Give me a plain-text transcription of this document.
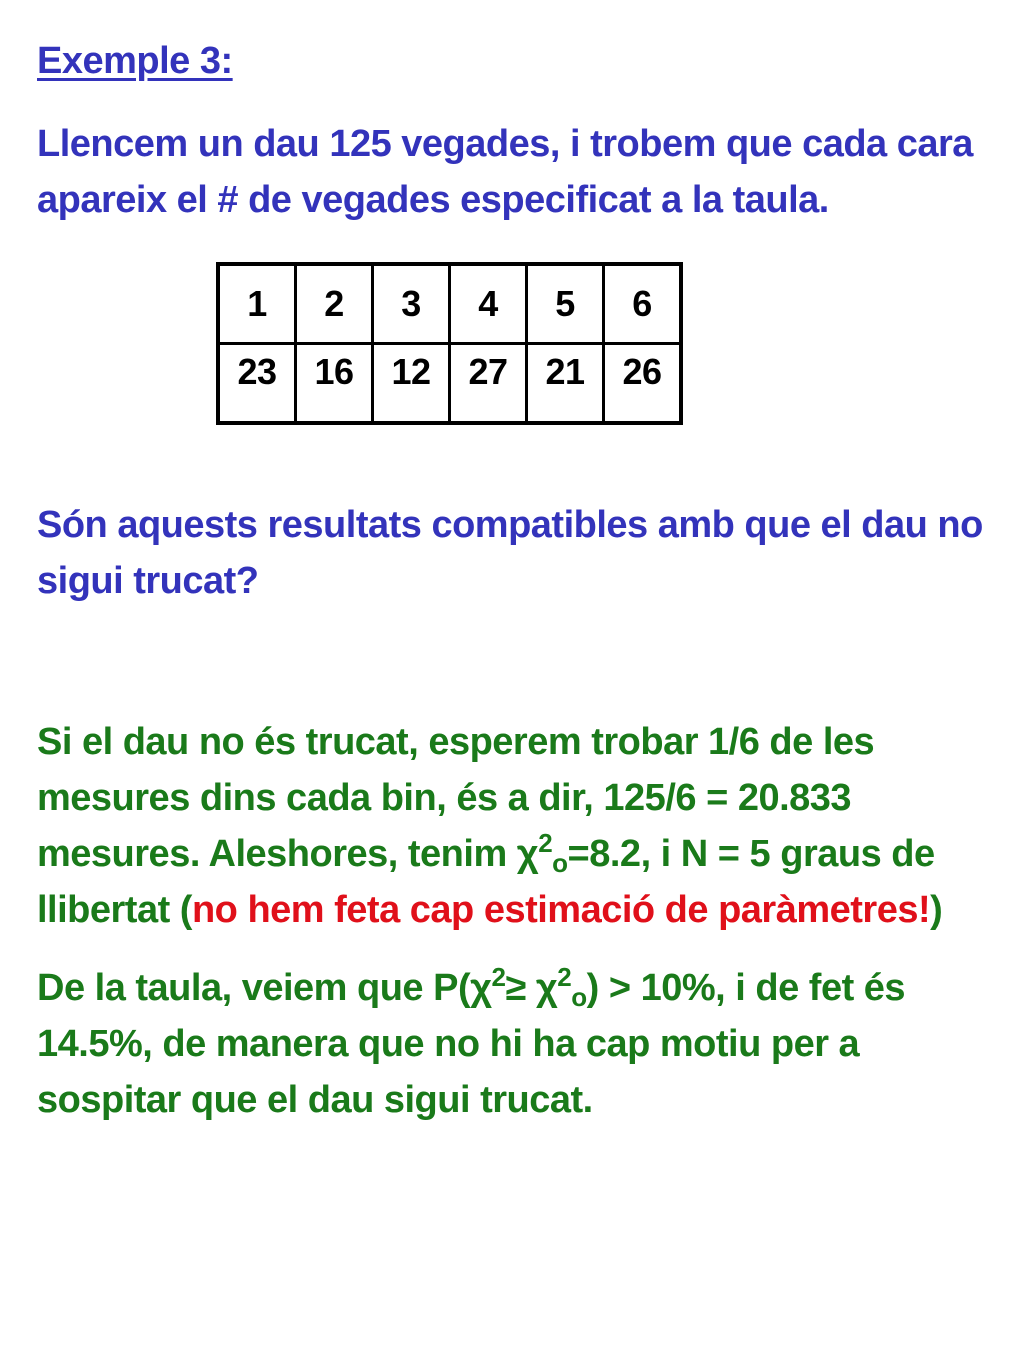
Exemple 3:

Llencem un dau 125 vegades, i trobem que cada cara apareix el # de vegades especificat a la taula.

1	2	3	4	5	6
23	16	12	27	21	26

Són aquests resultats compatibles amb que el dau no sigui trucat?

Si el dau no és trucat, esperem trobar 1/6 de les mesures dins cada bin, és a dir, 125/6 = 20.833 mesures. Aleshores, tenim $\chi^2_o=8.2$, i N = 5 graus de llibertat (no hem feta cap estimació de paràmetres!)

De la taula, veiem que $P(\chi^2\ge \chi^2_o) > 10\%$, i de fet és 14.5%, de manera que no hi ha cap motiu per a sospitar que el dau sigui trucat.
